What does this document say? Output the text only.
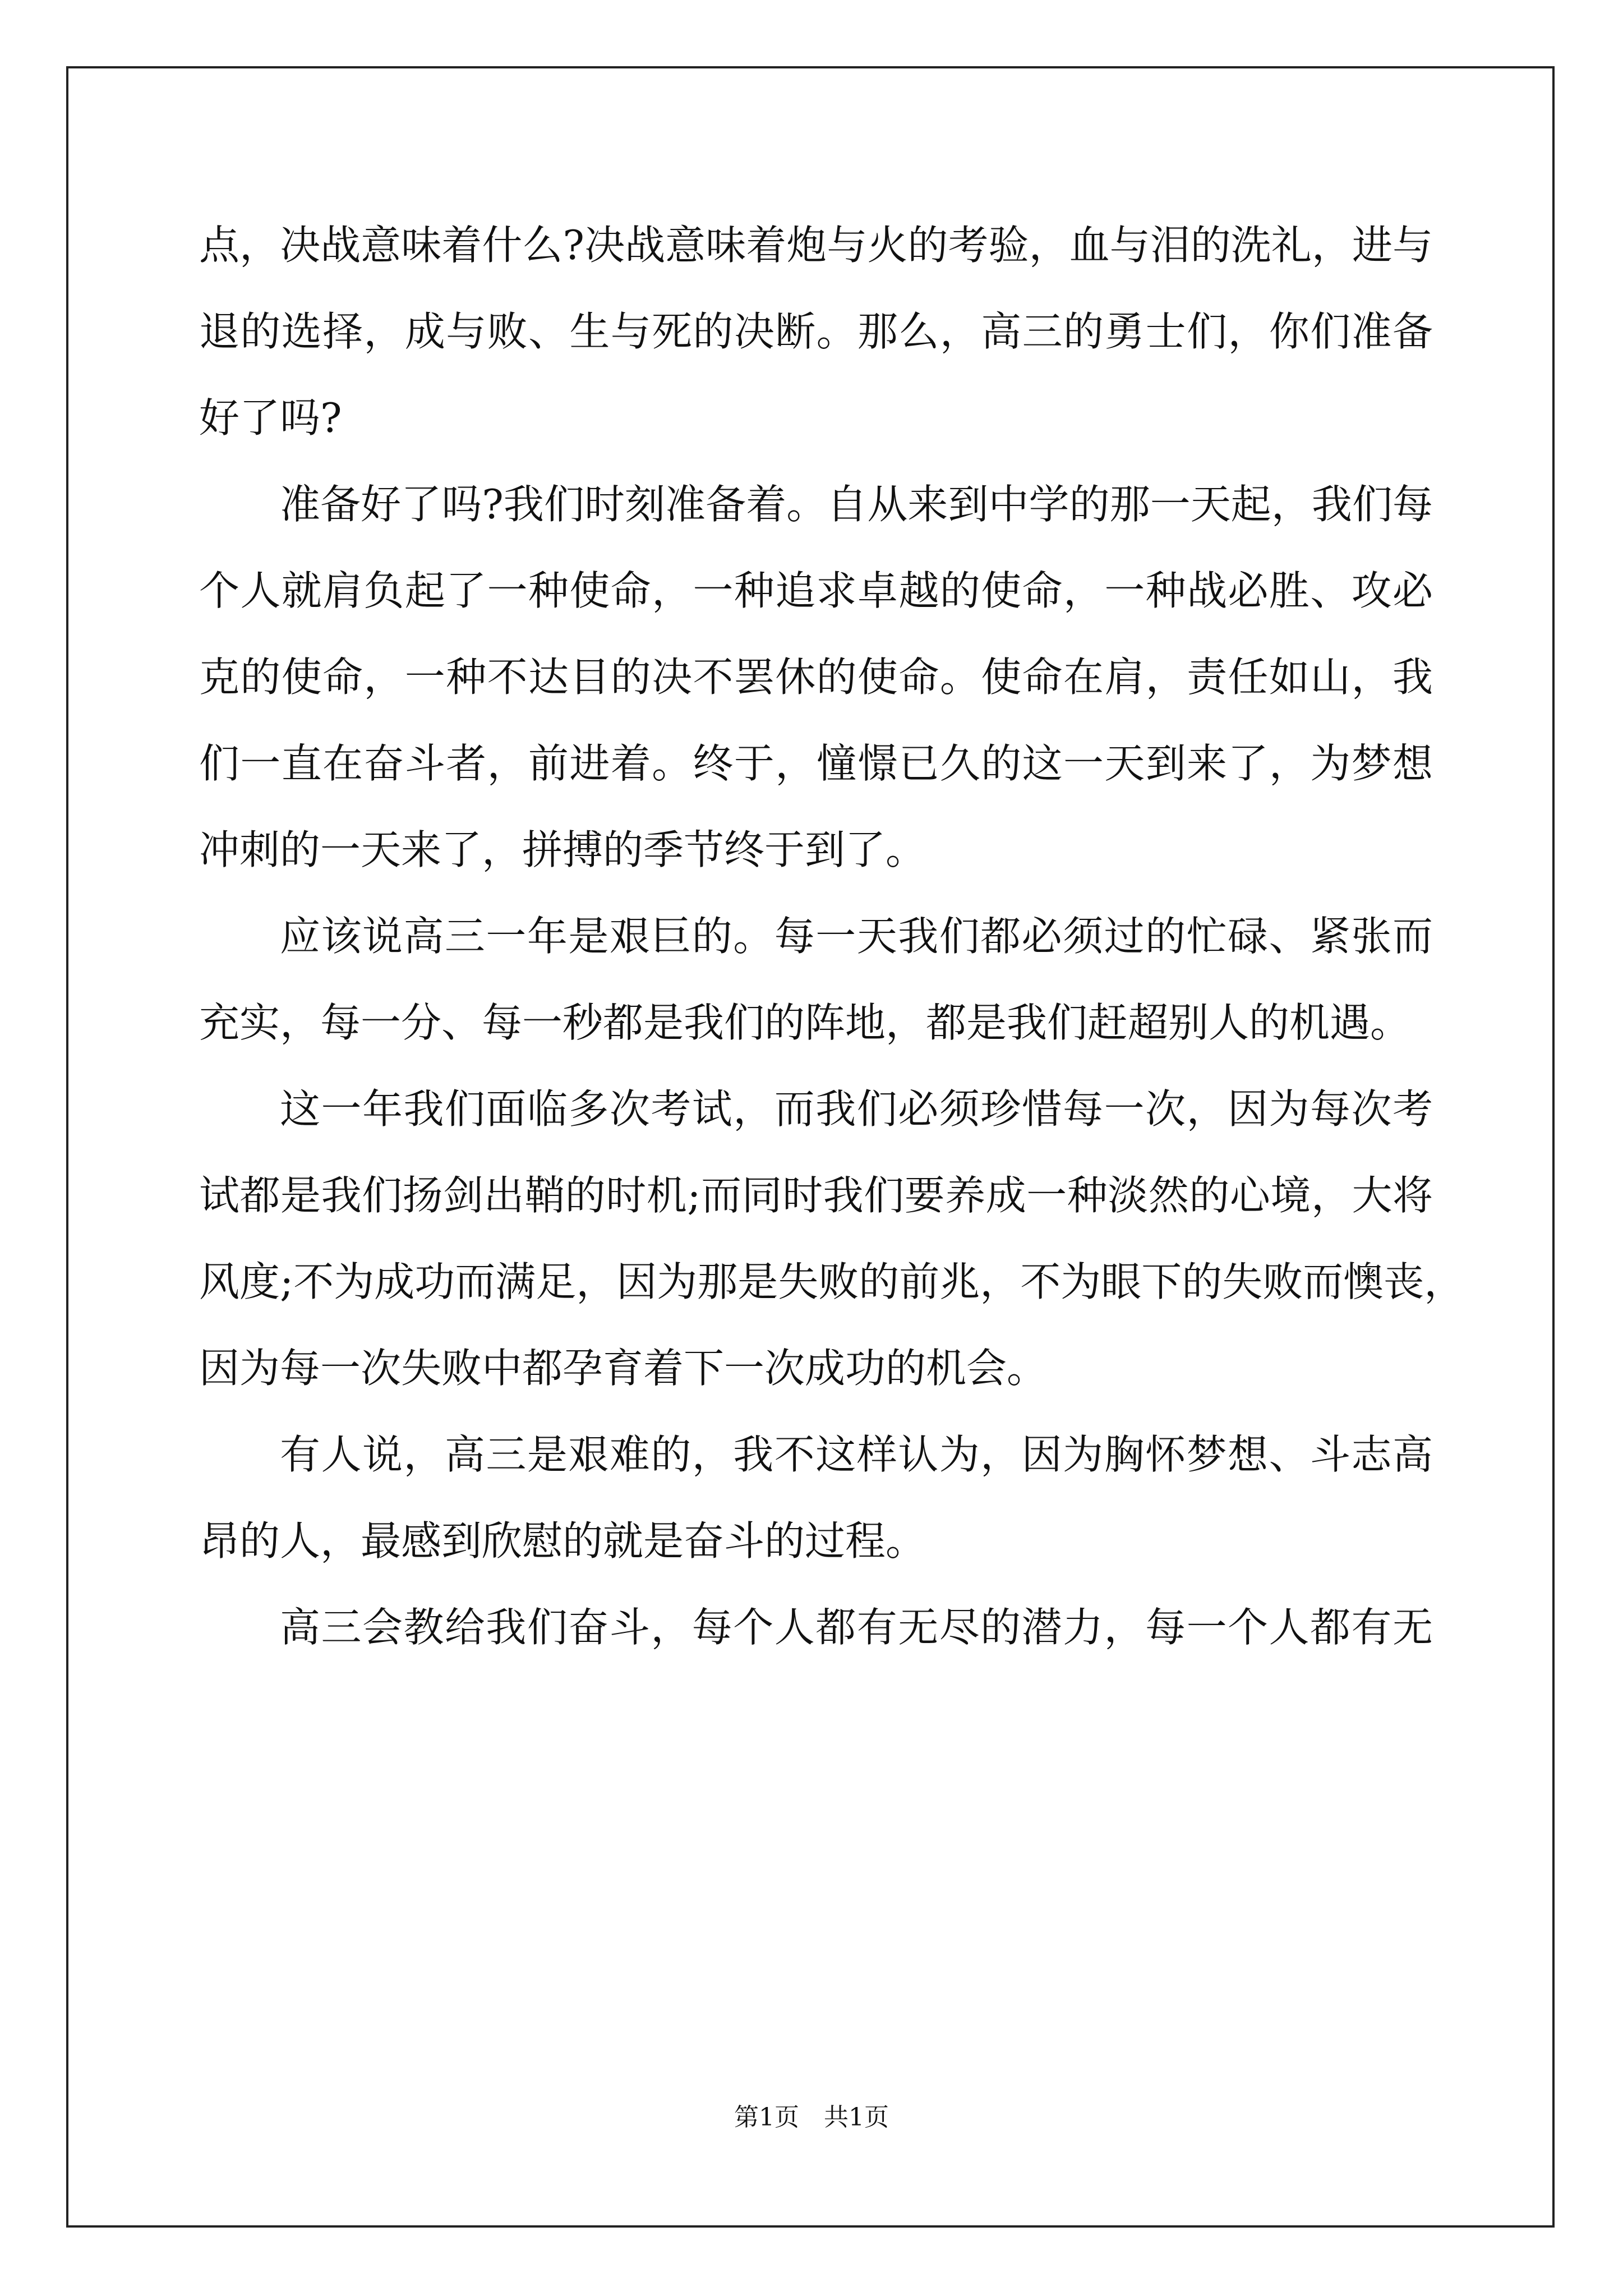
点，决战意味着什么?决战意味着炮与火的考验，血与泪的洗礼，进与
退的选择，成与败、生与死的决断。那么，高三的勇士们，你们准备
好了吗?
准备好了吗?我们时刻准备着。自从来到中学的那一天起，我们每
个人就肩负起了一种使命，一种追求卓越的使命，一种战必胜、攻必
克的使命，一种不达目的决不罢休的使命。使命在肩，责任如山，我
们一直在奋斗者，前进着。终于，憧憬已久的这一天到来了，为梦想
冲刺的一天来了，拼搏的季节终于到了。
应该说高三一年是艰巨的。每一天我们都必须过的忙碌、紧张而
充实，每一分、每一秒都是我们的阵地，都是我们赶超别人的机遇。
这一年我们面临多次考试，而我们必须珍惜每一次，因为每次考
试都是我们扬剑出鞘的时机;而同时我们要养成一种淡然的心境，大将
风度;不为成功而满足，因为那是失败的前兆，不为眼下的失败而懊丧，
因为每一次失败中都孕育着下一次成功的机会。
有人说，高三是艰难的，我不这样认为，因为胸怀梦想、斗志高
昂的人，最感到欣慰的就是奋斗的过程。
高三会教给我们奋斗，每个人都有无尽的潜力，每一个人都有无
第1页　共1页
